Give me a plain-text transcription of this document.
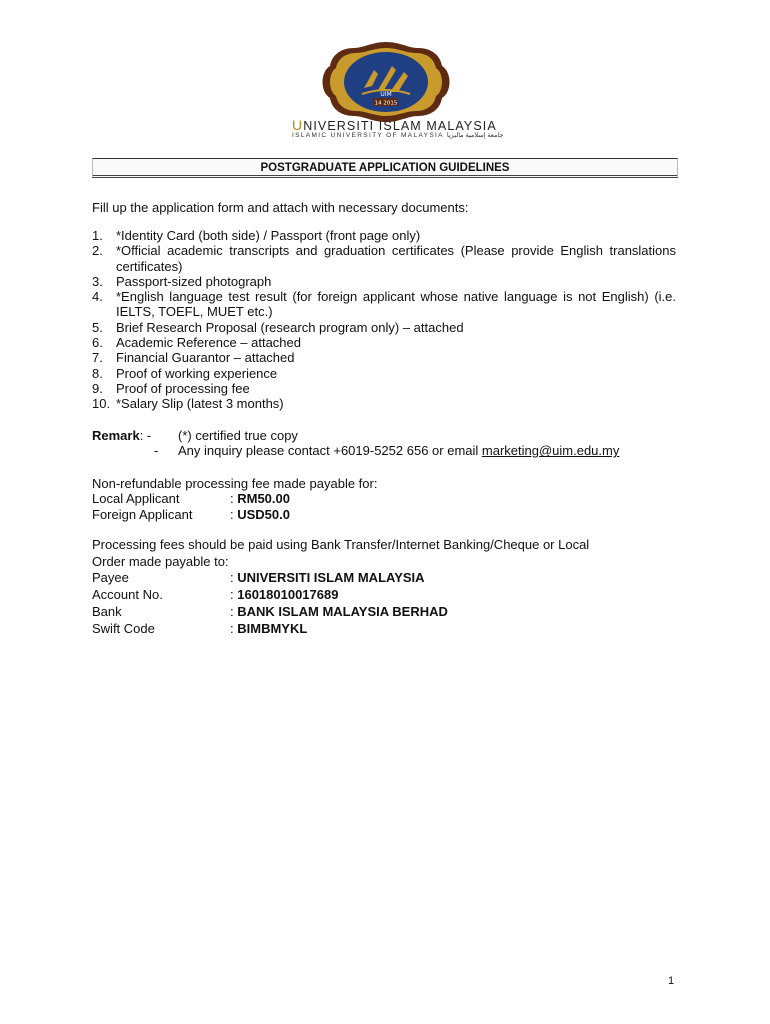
14 2015
UIM
UNIVERSITI ISLAM MALAYSIA
ISLAMIC UNIVERSITY OF MALAYSIA جامعة إسلامية ماليزيا
POSTGRADUATE APPLICATION GUIDELINES
Fill up the application form and attach with necessary documents:
1.	*Identity Card (both side) / Passport (front page only)
2.	*Official academic transcripts and graduation certificates (Please provide English translations certificates)
3.	Passport-sized photograph
4.	*English language test result (for foreign applicant whose native language is not English) (i.e. IELTS, TOEFL, MUET etc.)
5.	Brief Research Proposal (research program only) – attached
6.	Academic Reference – attached
7.	Financial Guarantor – attached
8.	Proof of working experience
9.	Proof of processing fee
10. *Salary Slip (latest 3 months)
Remark: -	(*) certified true copy
-	Any inquiry please contact +6019-5252 656 or email marketing@uim.edu.my
Non-refundable processing fee made payable for:
Local Applicant	: RM50.00
Foreign Applicant	: USD50.0
Processing fees should be paid using Bank Transfer/Internet Banking/Cheque or Local
Order made payable to:
Payee	: UNIVERSITI ISLAM MALAYSIA
Account No.	: 16018010017689
Bank	: BANK ISLAM MALAYSIA BERHAD
Swift Code	: BIMBMYKL
1
